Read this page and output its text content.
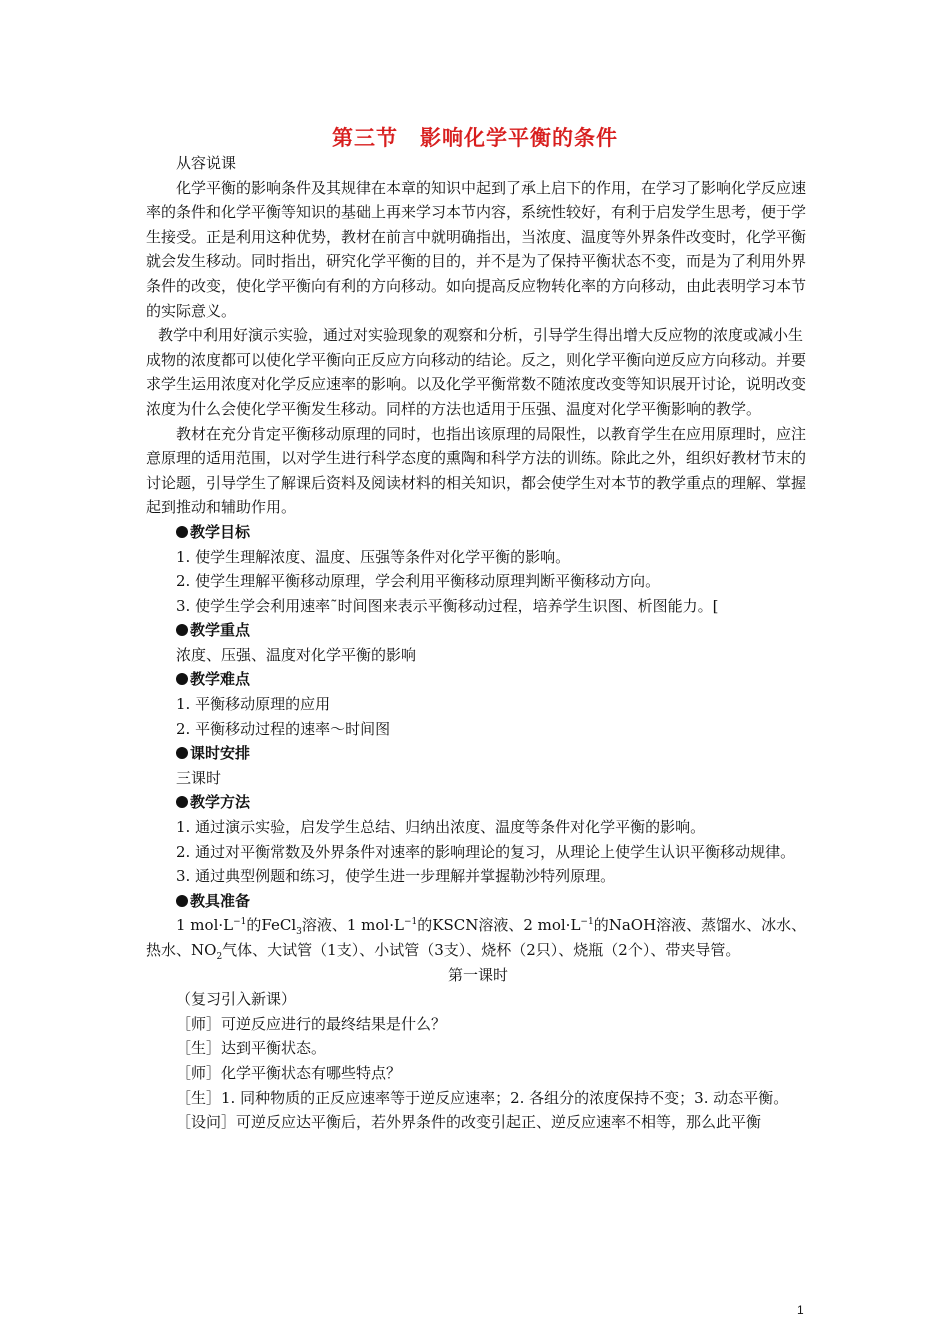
第三节　影响化学平衡的条件

从容说课

化学平衡的影响条件及其规律在本章的知识中起到了承上启下的作用，在学习了影响化学反应速率的条件和化学平衡等知识的基础上再来学习本节内容，系统性较好，有利于启发学生思考，便于学生接受。正是利用这种优势，教材在前言中就明确指出，当浓度、温度等外界条件改变时，化学平衡就会发生移动。同时指出，研究化学平衡的目的，并不是为了保持平衡状态不变，而是为了利用外界条件的改变，使化学平衡向有利的方向移动。如向提高反应物转化率的方向移动，由此表明学习本节的实际意义。

教学中利用好演示实验，通过对实验现象的观察和分析，引导学生得出增大反应物的浓度或减小生成物的浓度都可以使化学平衡向正反应方向移动的结论。反之，则化学平衡向逆反应方向移动。并要求学生运用浓度对化学反应速率的影响。以及化学平衡常数不随浓度改变等知识展开讨论，说明改变浓度为什么会使化学平衡发生移动。同样的方法也适用于压强、温度对化学平衡影响的教学。

教材在充分肯定平衡移动原理的同时，也指出该原理的局限性，以教育学生在应用原理时，应注意原理的适用范围，以对学生进行科学态度的熏陶和科学方法的训练。除此之外，组织好教材节末的讨论题，引导学生了解课后资料及阅读材料的相关知识，都会使学生对本节的教学重点的理解、掌握起到推动和辅助作用。

教学目标

1. 使学生理解浓度、温度、压强等条件对化学平衡的影响。

2. 使学生理解平衡移动原理，学会利用平衡移动原理判断平衡移动方向。

3. 使学生学会利用速率˜时间图来表示平衡移动过程，培养学生识图、析图能力。[

教学重点

浓度、压强、温度对化学平衡的影响

教学难点

1. 平衡移动原理的应用

2. 平衡移动过程的速率～时间图

课时安排

三课时

教学方法

1. 通过演示实验，启发学生总结、归纳出浓度、温度等条件对化学平衡的影响。

2. 通过对平衡常数及外界条件对速率的影响理论的复习，从理论上使学生认识平衡移动规律。

3. 通过典型例题和练习，使学生进一步理解并掌握勒沙特列原理。

教具准备

1 $mol\cdot L^{-1}$的FeCl$_3$溶液、1 $mol\cdot L^{-1}$的KSCN溶液、2 $mol\cdot L^{-1}$的NaOH溶液、蒸馏水、冰水、热水、$NO_2$气体、大试管（1支）、小试管（3支）、烧杯（2只）、烧瓶（2个）、带夹导管。

第一课时

（复习引入新课）

［师］可逆反应进行的最终结果是什么？

［生］达到平衡状态。

［师］化学平衡状态有哪些特点？

［生］1. 同种物质的正反应速率等于逆反应速率；2. 各组分的浓度保持不变；3. 动态平衡。

［设问］可逆反应达平衡后，若外界条件的改变引起正、逆反应速率不相等，那么此平衡

1
